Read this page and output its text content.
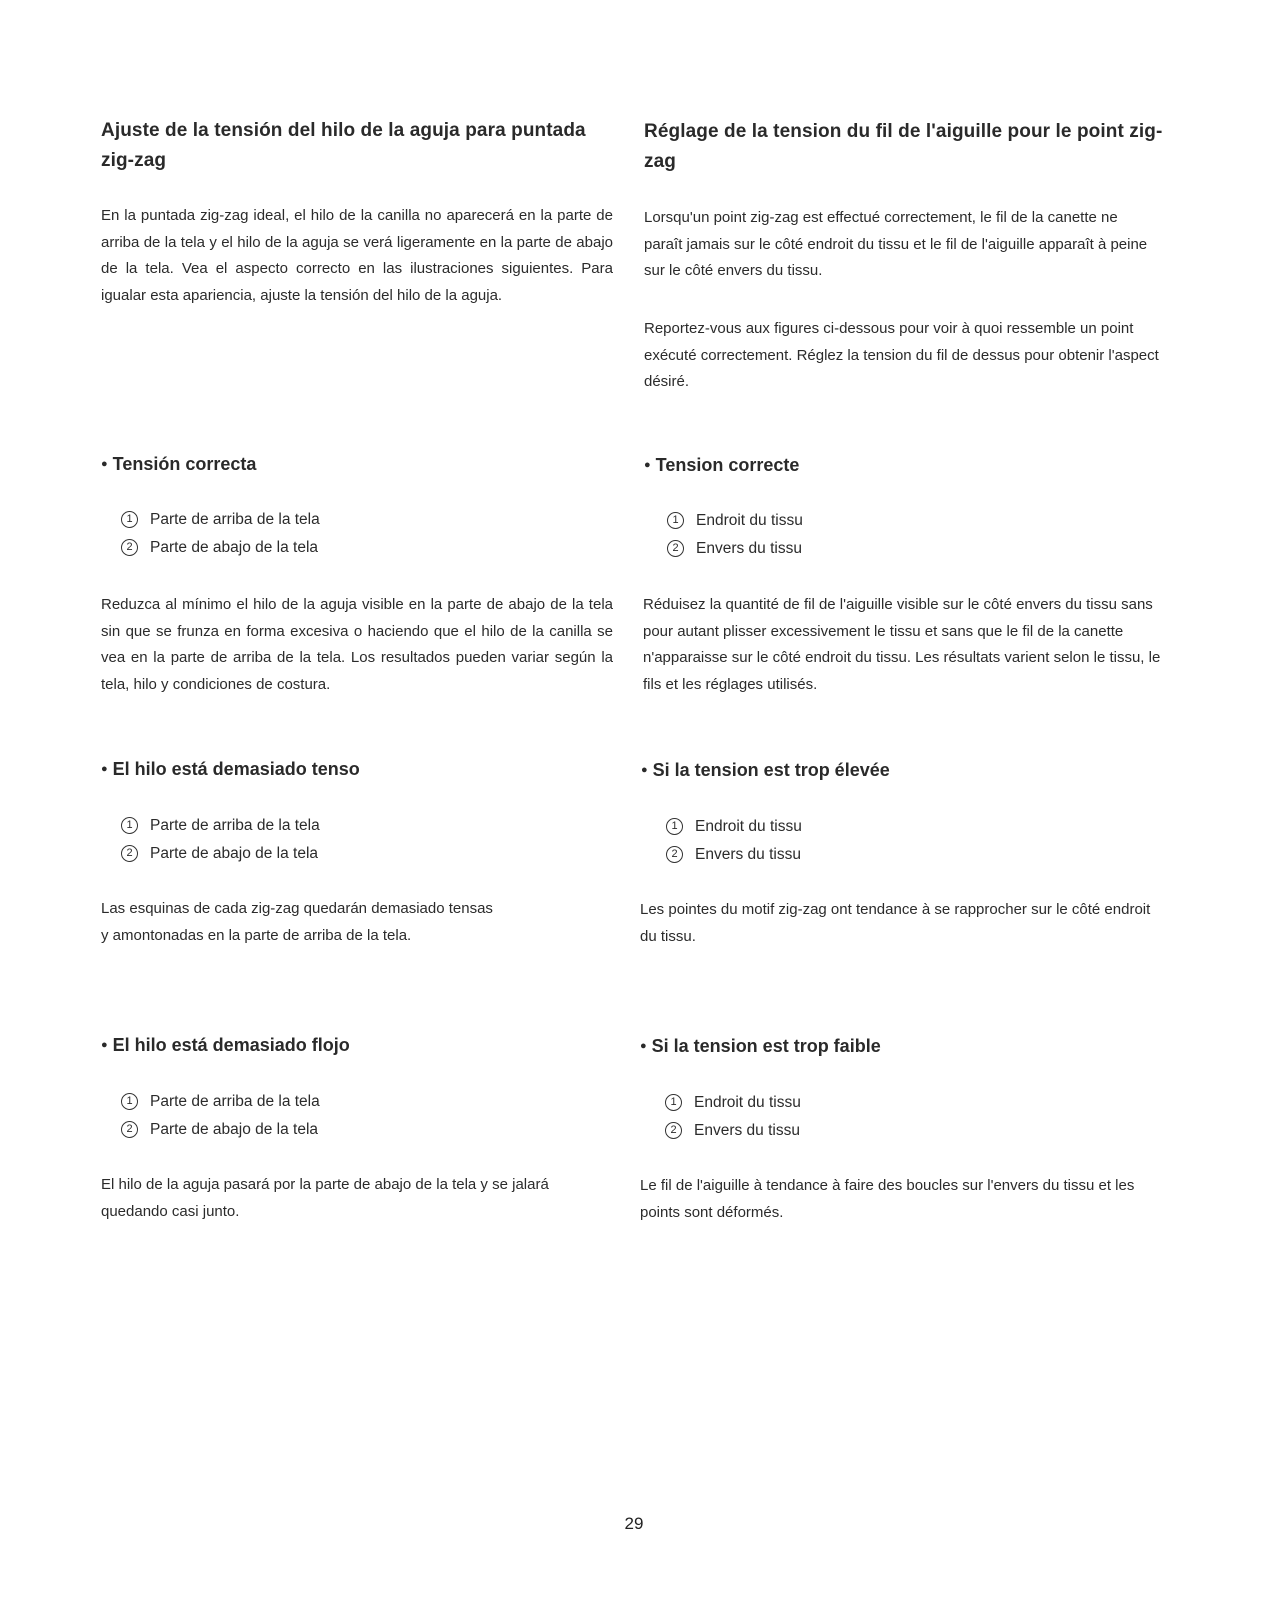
Ajuste de la tensión del hilo de la aguja para puntada zig-zag

En la puntada zig-zag ideal, el hilo de la canilla no aparecerá en la parte de arriba de la tela y el hilo de la aguja se verá ligeramente en la parte de abajo de la tela. Vea el aspecto correcto en las ilustraciones siguientes. Para igualar esta apariencia, ajuste la tensión del hilo de la aguja.

● Tensión correcta
1	Parte de arriba de la tela
2	Parte de abajo de la tela

Reduzca al mínimo el hilo de la aguja visible en la parte de abajo de la tela sin que se frunza en forma excesiva o haciendo que el hilo de la canilla se vea en la parte de arriba de la tela. Los resultados pueden variar según la tela, hilo y condiciones de costura.

● El hilo está demasiado tenso
1	Parte de arriba de la tela
2	Parte de abajo de la tela

Las esquinas de cada zig-zag quedarán demasiado tensas
y amontonadas en la parte de arriba de la tela.

● El hilo está demasiado flojo
1	Parte de arriba de la tela
2	Parte de abajo de la tela

El hilo de la aguja pasará por la parte de abajo de la tela y se jalará quedando casi junto.

Réglage de la tension du fil de l'aiguille pour le point zig-zag

Lorsqu'un point zig-zag est effectué correctement, le fil de la canette ne paraît jamais sur le côté endroit du tissu et le fil de l'aiguille apparaît à peine sur le côté envers du tissu.

Reportez-vous aux figures ci-dessous pour voir à quoi ressemble un point exécuté correctement. Réglez la tension du fil de dessus pour obtenir l'aspect désiré.

● Tension correcte
1	Endroit du tissu
2	Envers du tissu

Réduisez la quantité de fil de l'aiguille visible sur le côté envers du tissu sans pour autant plisser excessivement le tissu et sans que le fil de la canette n'apparaisse sur le côté endroit du tissu. Les résultats varient selon le tissu, le fils et les réglages utilisés.

● Si la tension est trop élevée
1	Endroit du tissu
2	Envers du tissu

Les pointes du motif zig-zag ont tendance à se rapprocher sur le côté endroit du tissu.

● Si la tension est trop faible
1	Endroit du tissu
2	Envers du tissu

Le fil de l'aiguille à tendance à faire des boucles sur l'envers du tissu et les points sont déformés.

29
